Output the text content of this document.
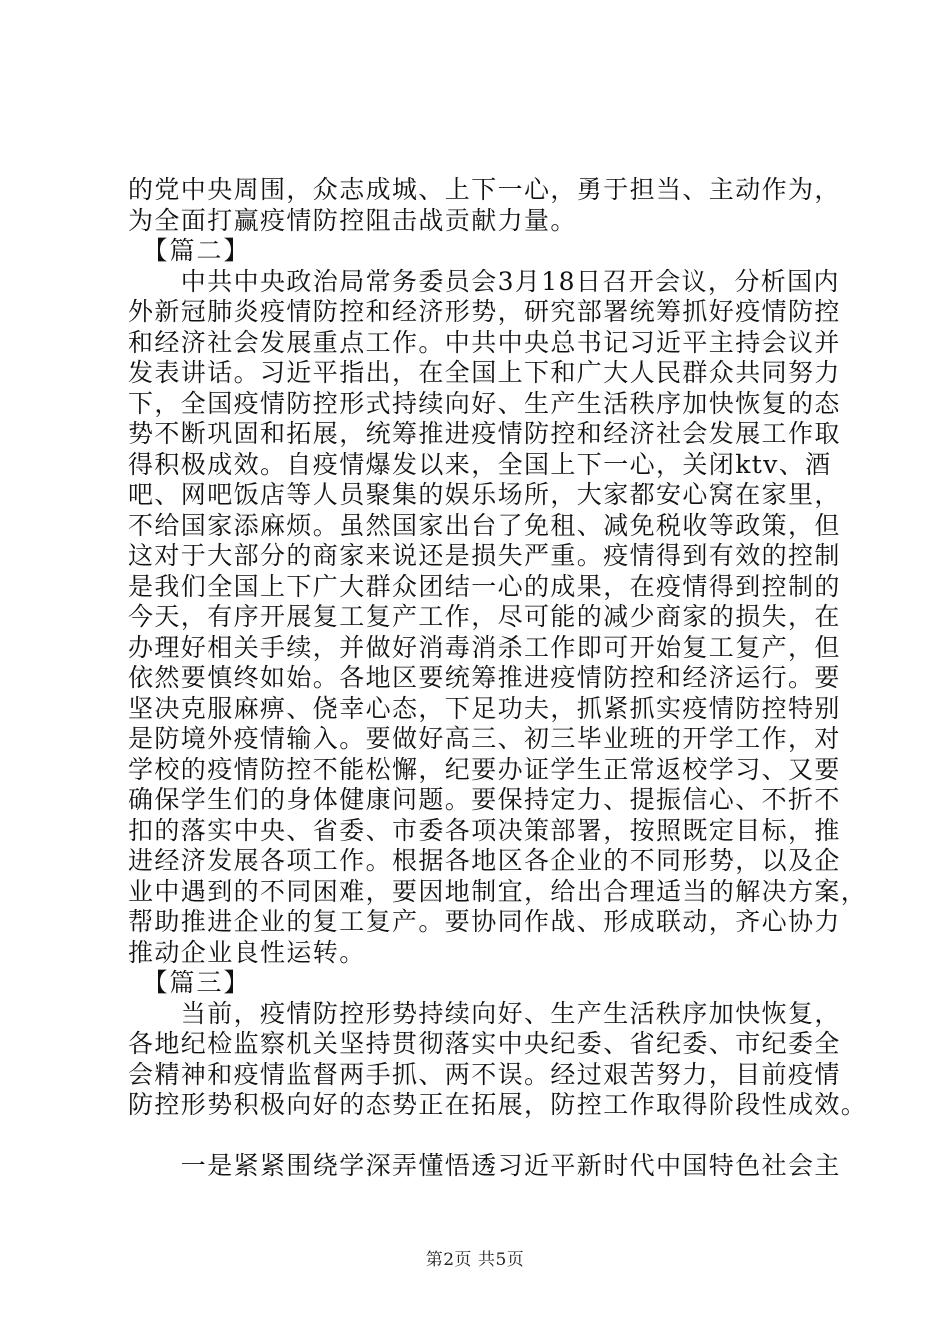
的党中央周围，众志成城、上下一心，勇于担当、主动作为，
为全面打赢疫情防控阻击战贡献力量。
　【篇二】
　　中共中央政治局常务委员会3月18日召开会议，分析国内
外新冠肺炎疫情防控和经济形势，研究部署统筹抓好疫情防控
和经济社会发展重点工作。中共中央总书记习近平主持会议并
发表讲话。习近平指出，在全国上下和广大人民群众共同努力
下，全国疫情防控形式持续向好、生产生活秩序加快恢复的态
势不断巩固和拓展，统筹推进疫情防控和经济社会发展工作取
得积极成效。自疫情爆发以来，全国上下一心，关闭ktv、酒
吧、网吧饭店等人员聚集的娱乐场所，大家都安心窝在家里，
不给国家添麻烦。虽然国家出台了免租、减免税收等政策，但
这对于大部分的商家来说还是损失严重。疫情得到有效的控制
是我们全国上下广大群众团结一心的成果，在疫情得到控制的
今天，有序开展复工复产工作，尽可能的减少商家的损失，在
办理好相关手续，并做好消毒消杀工作即可开始复工复产，但
依然要慎终如始。各地区要统筹推进疫情防控和经济运行。要
坚决克服麻痹、侥幸心态，下足功夫，抓紧抓实疫情防控特别
是防境外疫情输入。要做好高三、初三毕业班的开学工作，对
学校的疫情防控不能松懈，纪要办证学生正常返校学习、又要
确保学生们的身体健康问题。要保持定力、提振信心、不折不
扣的落实中央、省委、市委各项决策部署，按照既定目标，推
进经济发展各项工作。根据各地区各企业的不同形势，以及企
业中遇到的不同困难，要因地制宜，给出合理适当的解决方案，
帮助推进企业的复工复产。要协同作战、形成联动，齐心协力
推动企业良性运转。
　【篇三】
　　当前，疫情防控形势持续向好、生产生活秩序加快恢复，
各地纪检监察机关坚持贯彻落实中央纪委、省纪委、市纪委全
会精神和疫情监督两手抓、两不误。经过艰苦努力，目前疫情
防控形势积极向好的态势正在拓展，防控工作取得阶段性成效。
　　一是紧紧围绕学深弄懂悟透习近平新时代中国特色社会主
第2页 共5页
